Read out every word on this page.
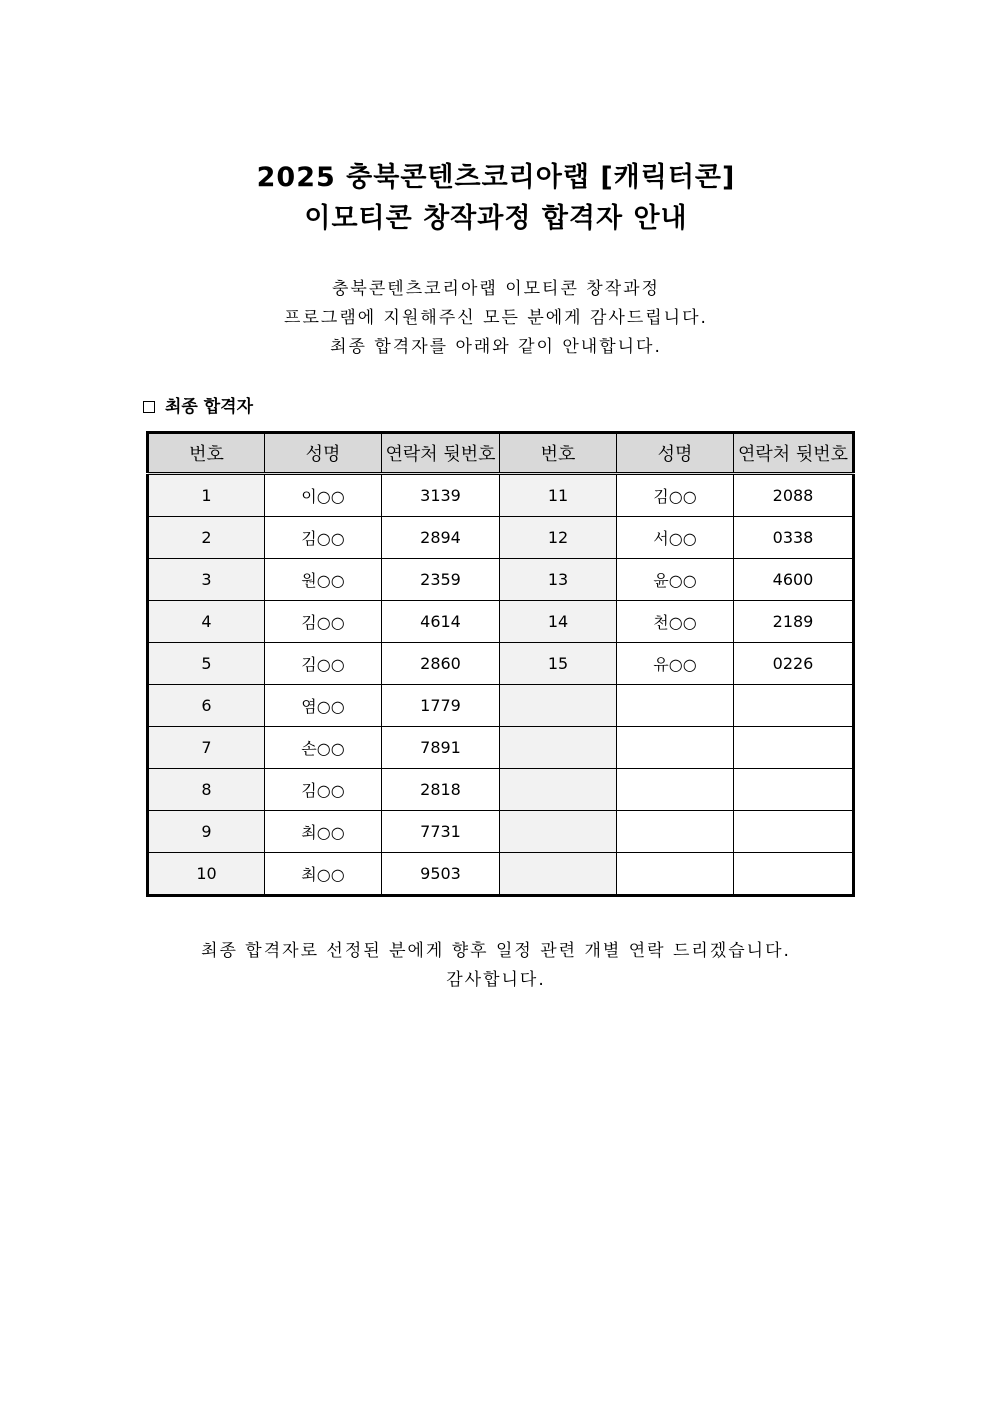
2025 충북콘텐츠코리아랩 [캐릭터콘]
이모티콘 창작과정 합격자 안내
충북콘텐츠코리아랩 이모티콘 창작과정
프로그램에 지원해주신 모든 분에게 감사드립니다.
최종 합격자를 아래와 같이 안내합니다.
최종 합격자
번호	성명	연락처 뒷번호	번호	성명	연락처 뒷번호
1	이○○	3139	11	김○○	2088
2	김○○	2894	12	서○○	0338
3	원○○	2359	13	윤○○	4600
4	김○○	4614	14	천○○	2189
5	김○○	2860	15	유○○	0226
6	염○○	1779			
7	손○○	7891			
8	김○○	2818			
9	최○○	7731			
10	최○○	9503			
최종 합격자로 선정된 분에게 향후 일정 관련 개별 연락 드리겠습니다.
감사합니다.
